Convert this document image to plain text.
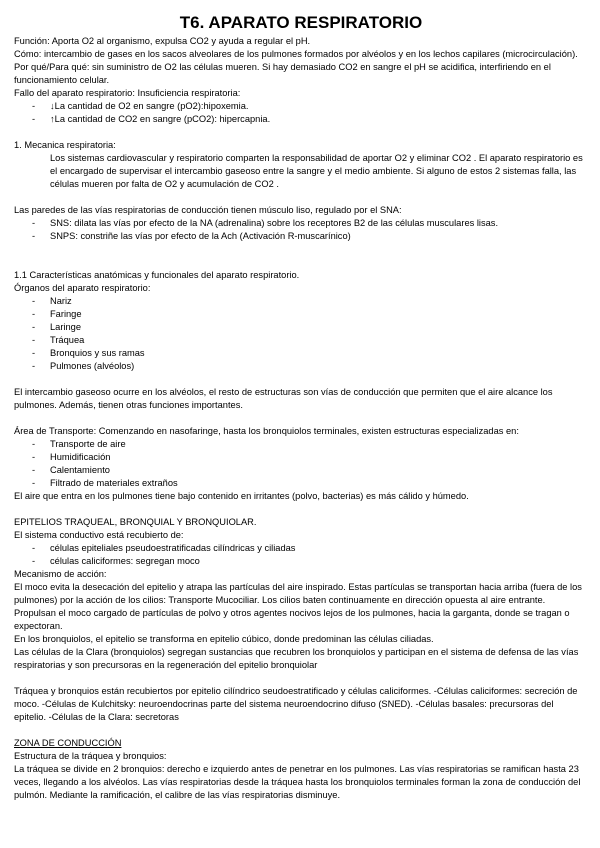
T6. APARATO RESPIRATORIO

Función: Aporta O2 al organismo, expulsa CO2 y ayuda a regular el pH.

Cómo: intercambio de gases en los sacos alveolares de los pulmones formados por alvéolos y en los lechos capilares (microcirculación).

Por qué/Para qué: sin suministro de O2 las células mueren. Si hay demasiado CO2 en sangre el pH se acidifica, interfiriendo en el funcionamiento celular.

Fallo del aparato respiratorio: Insuficiencia respiratoria:

- ↓La cantidad de O2 en sangre (pO2):hipoxemia.
- ↑La cantidad de CO2 en sangre (pCO2): hipercapnia.

1. Mecanica respiratoria:

Los sistemas cardiovascular y respiratorio comparten la responsabilidad de aportar O2 y eliminar CO2 . El aparato respiratorio es el encargado de supervisar el intercambio gaseoso entre la sangre y el medio ambiente. Si alguno de estos 2 sistemas falla, las células mueren por falta de O2 y acumulación de CO2 .

Las paredes de las vías respiratorias de conducción tienen músculo liso, regulado por el SNA:

- SNS: dilata las vías por efecto de la NA (adrenalina) sobre los receptores B2 de las células musculares lisas.
- SNPS: constriñe las vías por efecto de la Ach (Activación R-muscarínico)

1.1 Características anatómicas y funcionales del aparato respiratorio.

Órganos del aparato respiratorio:

- Nariz
- Faringe
- Laringe
- Tráquea
- Bronquios y sus ramas
- Pulmones (alvéolos)

El intercambio gaseoso ocurre en los alvéolos, el resto de estructuras son vías de conducción que permiten que el aire alcance los pulmones. Además, tienen otras funciones importantes.

Área de Transporte: Comenzando en nasofaringe, hasta los bronquiolos terminales, existen estructuras especializadas en:

- Transporte de aire
- Humidificación
- Calentamiento
- Filtrado de materiales extraños

El aire que entra en los pulmones tiene bajo contenido en irritantes (polvo, bacterias) es más cálido y húmedo.

EPITELIOS TRAQUEAL, BRONQUIAL Y BRONQUIOLAR.

El sistema conductivo está recubierto de:

- células epiteliales pseudoestratificadas cilíndricas y ciliadas
- células caliciformes: segregan moco

Mecanismo de acción:

El moco evita la desecación del epitelio y atrapa las partículas del aire inspirado. Estas partículas se transportan hacia arriba (fuera de los pulmones) por la acción de los cilios: Transporte Mucociliar. Los cilios baten continuamente en dirección opuesta al aire entrante. Propulsan el moco cargado de partículas de polvo y otros agentes nocivos lejos de los pulmones, hacia la garganta, donde se tragan o expectoran.

En los bronquiolos, el epitelio se transforma en epitelio cúbico, donde predominan las células ciliadas.

Las células de la Clara (bronquiolos) segregan sustancias que recubren los bronquiolos y participan en el sistema de defensa de las vías respiratorias y son precursoras en la regeneración del epitelio bronquiolar

Tráquea y bronquios están recubiertos por epitelio cilíndrico seudoestratificado y células caliciformes. -Células caliciformes: secreción de moco. -Células de Kulchitsky: neuroendocrinas parte del sistema neuroendocrino difuso (SNED). -Células basales: precursoras del epitelio. -Células de la Clara: secretoras

ZONA DE CONDUCCIÓN

Estructura de la tráquea y bronquios:

La tráquea se divide en 2 bronquios: derecho e izquierdo antes de penetrar en los pulmones. Las vías respiratorias se ramifican hasta 23 veces, llegando a los alvéolos. Las vías respiratorias desde la tráquea hasta los bronquiolos terminales forman la zona de conducción del pulmón. Mediante la ramificación, el calibre de las vías respiratorias disminuye.
